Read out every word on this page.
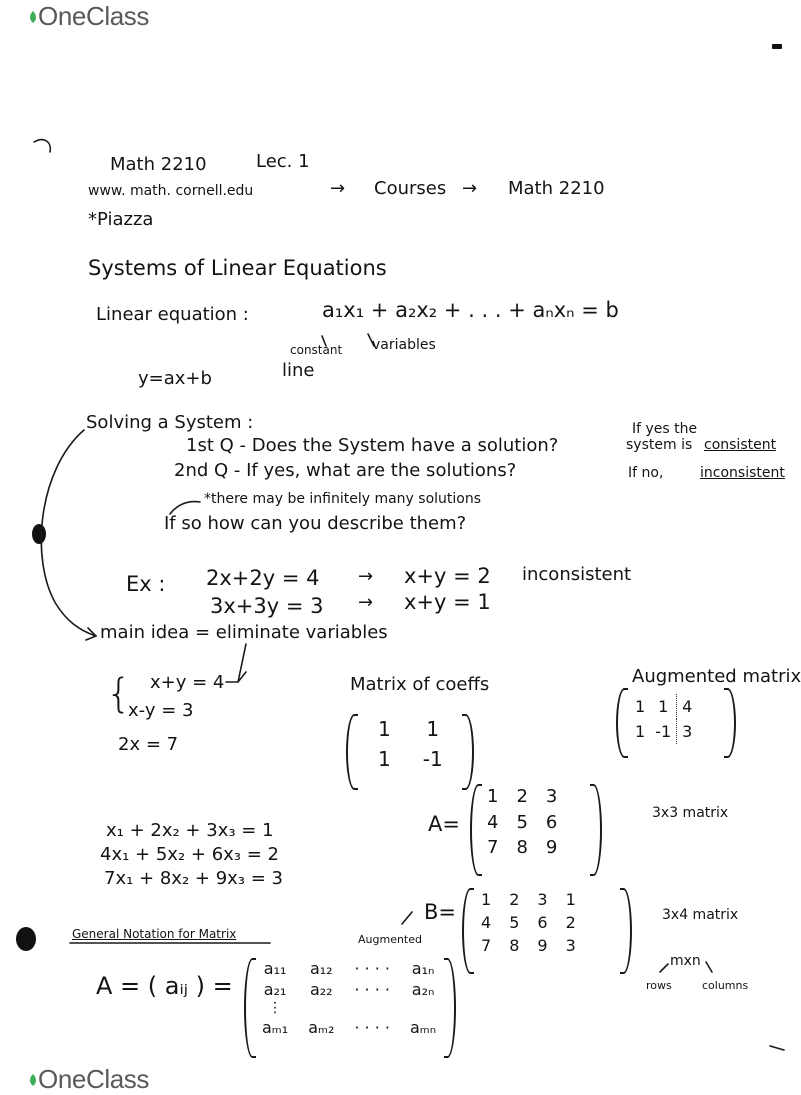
OneClass
OneClass
Math 2210	Lec. 1
www. math. cornell.edu	→ Courses → Math 2210
*Piazza
Systems of Linear Equations
Linear equation :	a₁x₁ + a₂x₂ + . . . + aₙxₙ = b
constant variables
y=ax+b	line
Solving a System :
1st Q - Does the System have a solution?
2nd Q - If yes, what are the solutions?
*there may be infinitely many solutions
If so how can you describe them?
If yes the
system is consistent
If no,	inconsistent
Ex : 2x+2y = 4 → x+y = 2 inconsistent
3x+3y = 3 → x+y = 1
main idea = eliminate variables
{ x+y = 4
x-y = 3
2x = 7
Matrix of coeffs
1	1
1	-1
Augmented matrix
1	1	4
1	-1	3
x₁ + 2x₂ + 3x₃ = 1
4x₁ + 5x₂ + 6x₃ = 2
7x₁ + 8x₂ + 9x₃ = 3
A=
1	2	3
4	5	6
7	8	9
3x3 matrix
B=
Augmented
1	2	3	1
4	5	6	2
7	8	9	3
3x4 matrix
General Notation for Matrix
A = ( aᵢⱼ ) =
a₁₁	a₁₂	· · · ·	a₁ₙ
a₂₁	a₂₂	· · · ·	a₂ₙ
⋮			
aₘ₁	aₘ₂	· · · ·	aₘₙ
mxn
rows	columns
